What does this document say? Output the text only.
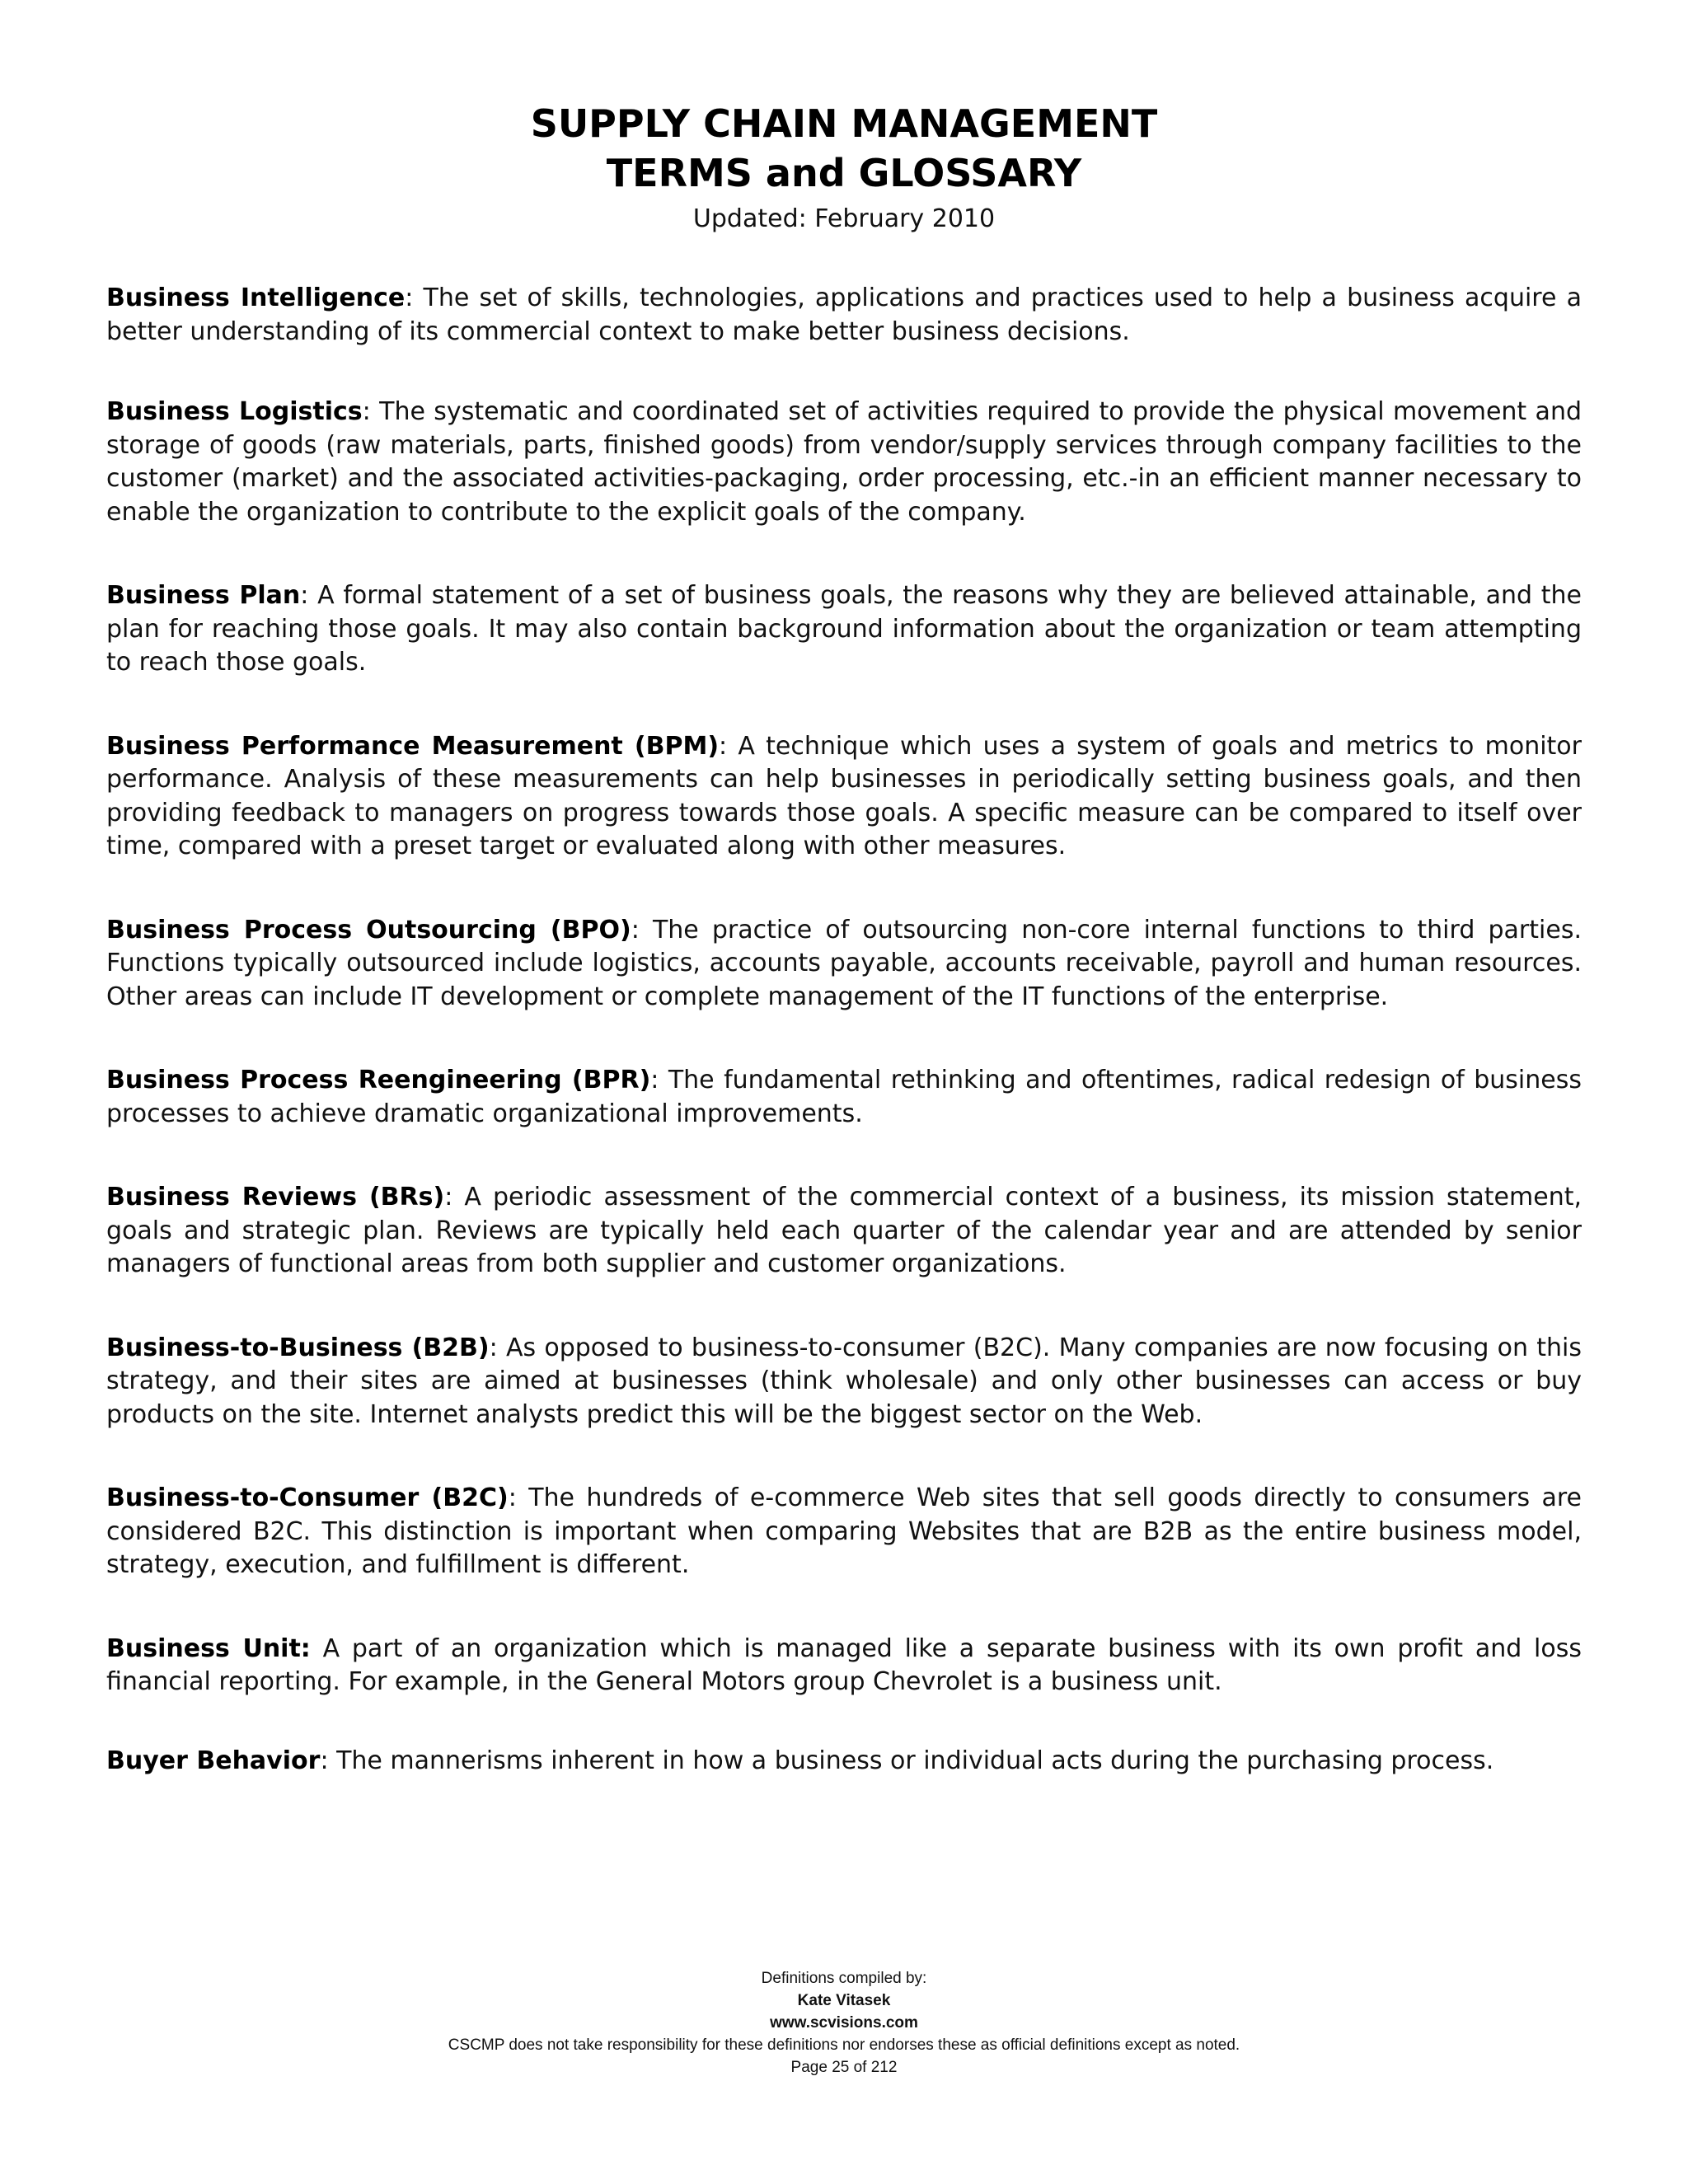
SUPPLY CHAIN MANAGEMENT
TERMS and GLOSSARY
Updated: February 2010

Business Intelligence: The set of skills, technologies, applications and practices used to help a business acquire a better understanding of its commercial context to make better business decisions.

Business Logistics: The systematic and coordinated set of activities required to provide the physical movement and storage of goods (raw materials, parts, finished goods) from vendor/supply services through company facilities to the customer (market) and the associated activities-packaging, order processing, etc.-in an efficient manner necessary to enable the organization to contribute to the explicit goals of the company.

Business Plan: A formal statement of a set of business goals, the reasons why they are believed attainable, and the plan for reaching those goals. It may also contain background information about the organization or team attempting to reach those goals.

Business Performance Measurement (BPM): A technique which uses a system of goals and metrics to monitor performance. Analysis of these measurements can help businesses in periodically setting business goals, and then providing feedback to managers on progress towards those goals. A specific measure can be compared to itself over time, compared with a preset target or evaluated along with other measures.

Business Process Outsourcing (BPO): The practice of outsourcing non-core internal functions to third parties. Functions typically outsourced include logistics, accounts payable, accounts receivable, payroll and human resources. Other areas can include IT development or complete management of the IT functions of the enterprise.

Business Process Reengineering (BPR): The fundamental rethinking and oftentimes, radical redesign of business processes to achieve dramatic organizational improvements.

Business Reviews (BRs): A periodic assessment of the commercial context of a business, its mission statement, goals and strategic plan. Reviews are typically held each quarter of the calendar year and are attended by senior managers of functional areas from both supplier and customer organizations.

Business-to-Business (B2B): As opposed to business-to-consumer (B2C). Many companies are now focusing on this strategy, and their sites are aimed at businesses (think wholesale) and only other businesses can access or buy products on the site. Internet analysts predict this will be the biggest sector on the Web.

Business-to-Consumer (B2C): The hundreds of e-commerce Web sites that sell goods directly to consumers are considered B2C. This distinction is important when comparing Websites that are B2B as the entire business model, strategy, execution, and fulfillment is different.

Business Unit: A part of an organization which is managed like a separate business with its own profit and loss financial reporting. For example, in the General Motors group Chevrolet is a business unit.

Buyer Behavior: The mannerisms inherent in how a business or individual acts during the purchasing process.

Definitions compiled by:
Kate Vitasek
www.scvisions.com
CSCMP does not take responsibility for these definitions nor endorses these as official definitions except as noted.
Page 25 of 212
